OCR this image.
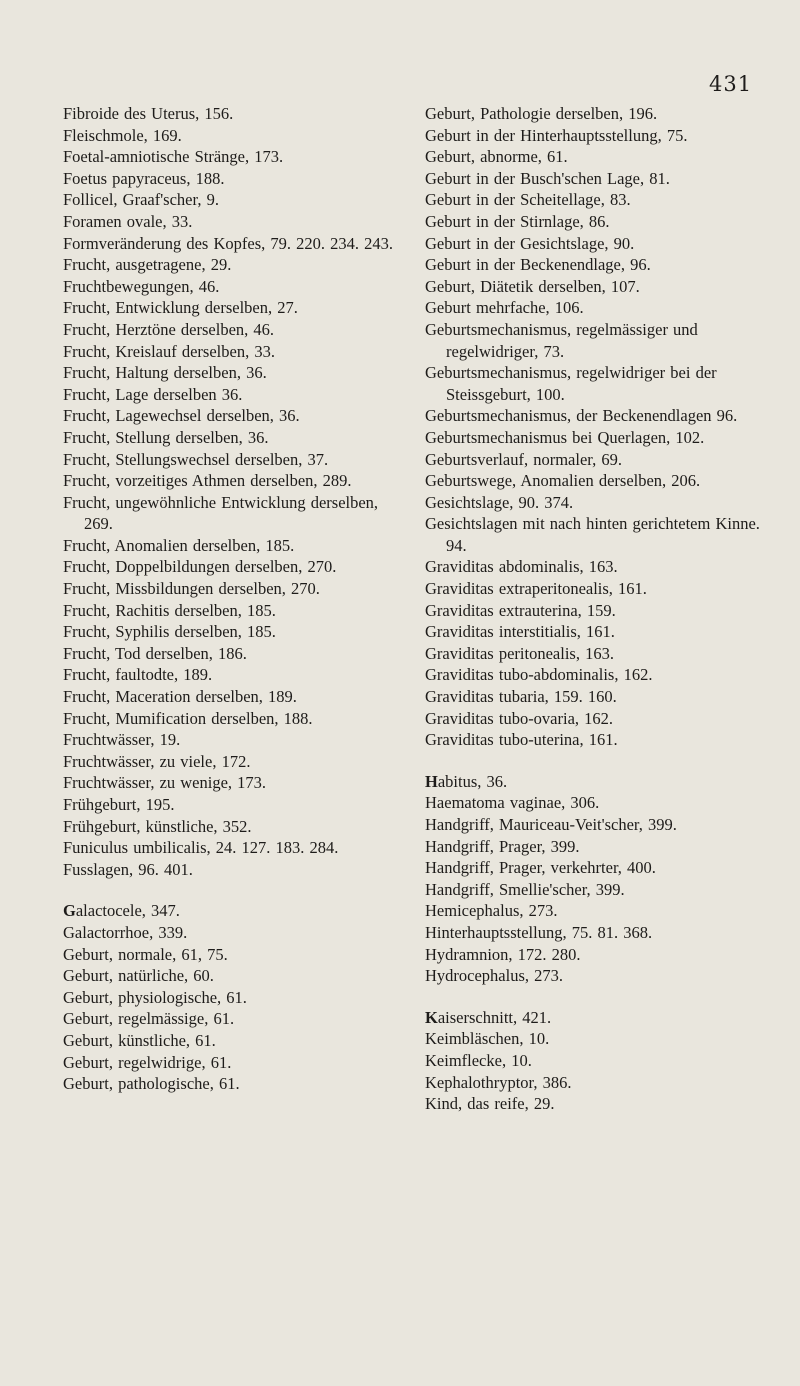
431
Fibroide des Uterus, 156.
Fleischmole, 169.
Foetal-amniotische Stränge, 173.
Foetus papyraceus, 188.
Follicel, Graaf'scher, 9.
Foramen ovale, 33.
Formveränderung des Kopfes, 79. 220. 234. 243.
Frucht, ausgetragene, 29.
Fruchtbewegungen, 46.
Frucht, Entwicklung derselben, 27.
Frucht, Herztöne derselben, 46.
Frucht, Kreislauf derselben, 33.
Frucht, Haltung derselben, 36.
Frucht, Lage derselben 36.
Frucht, Lagewechsel derselben, 36.
Frucht, Stellung derselben, 36.
Frucht, Stellungswechsel derselben, 37.
Frucht, vorzeitiges Athmen derselben, 289.
Frucht, ungewöhnliche Entwicklung derselben, 269.
Frucht, Anomalien derselben, 185.
Frucht, Doppelbildungen derselben, 270.
Frucht, Missbildungen derselben, 270.
Frucht, Rachitis derselben, 185.
Frucht, Syphilis derselben, 185.
Frucht, Tod derselben, 186.
Frucht, faultodte, 189.
Frucht, Maceration derselben, 189.
Frucht, Mumification derselben, 188.
Fruchtwässer, 19.
Fruchtwässer, zu viele, 172.
Fruchtwässer, zu wenige, 173.
Frühgeburt, 195.
Frühgeburt, künstliche, 352.
Funiculus umbilicalis, 24. 127. 183. 284.
Fusslagen, 96. 401.
Galactocele, 347.
Galactorrhoe, 339.
Geburt, normale, 61, 75.
Geburt, natürliche, 60.
Geburt, physiologische, 61.
Geburt, regelmässige, 61.
Geburt, künstliche, 61.
Geburt, regelwidrige, 61.
Geburt, pathologische, 61.
Geburt, Pathologie derselben, 196.
Geburt in der Hinterhauptsstellung, 75.
Geburt, abnorme, 61.
Geburt in der Busch'schen Lage, 81.
Geburt in der Scheitellage, 83.
Geburt in der Stirnlage, 86.
Geburt in der Gesichtslage, 90.
Geburt in der Beckenendlage, 96.
Geburt, Diätetik derselben, 107.
Geburt mehrfache, 106.
Geburtsmechanismus, regelmässiger und regelwidriger, 73.
Geburtsmechanismus, regelwidriger bei der Steissgeburt, 100.
Geburtsmechanismus, der Beckenendlagen 96.
Geburtsmechanismus bei Querlagen, 102.
Geburtsverlauf, normaler, 69.
Geburtswege, Anomalien derselben, 206.
Gesichtslage, 90. 374.
Gesichtslagen mit nach hinten gerichtetem Kinne. 94.
Graviditas abdominalis, 163.
Graviditas extraperitonealis, 161.
Graviditas extrauterina, 159.
Graviditas interstitialis, 161.
Graviditas peritonealis, 163.
Graviditas tubo-abdominalis, 162.
Graviditas tubaria, 159. 160.
Graviditas tubo-ovaria, 162.
Graviditas tubo-uterina, 161.
Habitus, 36.
Haematoma vaginae, 306.
Handgriff, Mauriceau-Veit'scher, 399.
Handgriff, Prager, 399.
Handgriff, Prager, verkehrter, 400.
Handgriff, Smellie'scher, 399.
Hemicephalus, 273.
Hinterhauptsstellung, 75. 81. 368.
Hydramnion, 172. 280.
Hydrocephalus, 273.
Kaiserschnitt, 421.
Keimbläschen, 10.
Keimflecke, 10.
Kephalothryptor, 386.
Kind, das reife, 29.
